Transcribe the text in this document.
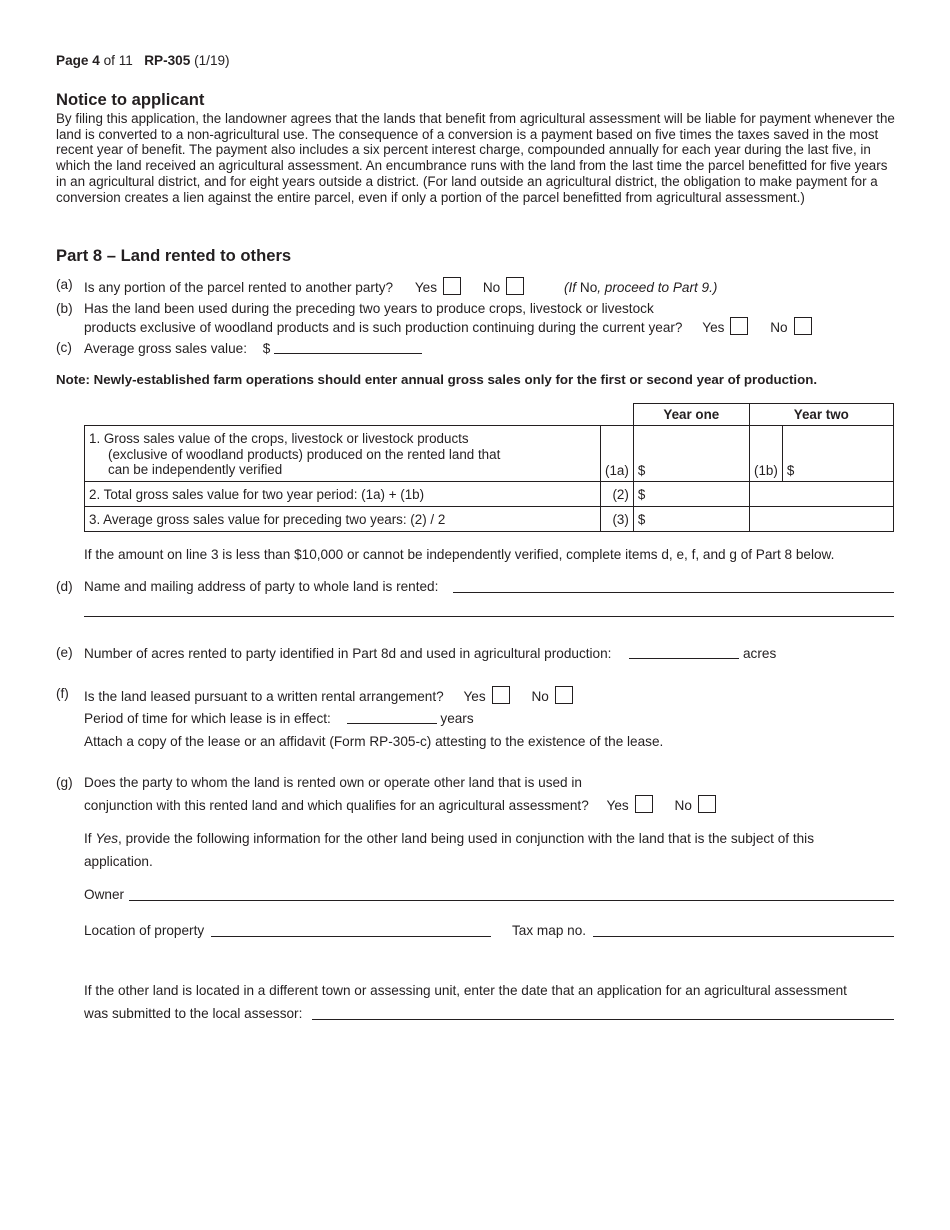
Page 4 of 11 RP-305 (1/19)
Notice to applicant
By filing this application, the landowner agrees that the lands that benefit from agricultural assessment will be liable for payment whenever the land is converted to a non-agricultural use. The consequence of a conversion is a payment based on five times the taxes saved in the most recent year of benefit. The payment also includes a six percent interest charge, compounded annually for each year during the last five, in which the land received an agricultural assessment. An encumbrance runs with the land from the last time the parcel benefitted for five years in an agricultural district, and for eight years outside a district. (For land outside an agricultural district, the obligation to make payment for a conversion creates a lien against the entire parcel, even if only a portion of the parcel benefitted from agricultural assessment.)
Part 8 – Land rented to others
(a) Is any portion of the parcel rented to another party? Yes	No	(If No, proceed to Part 9.)
(b) Has the land been used during the preceding two years to produce crops, livestock or livestock
products exclusive of woodland products and is such production continuing during the current year? Yes	No
(c) Average gross sales value: $
Note: Newly-established farm operations should enter annual gross sales only for the first or second year of production.
		Year one	Year two	

1. Gross sales value of the crops, livestock or livestock products
(exclusive of woodland products) produced on the rented land that
can be independently verified	(1a)	$	(1b)	$
2. Total gross sales value for two year period: (1a) + (1b)	(2)	$		
3. Average gross sales value for preceding two years: (2) / 2	(3)	$		
If the amount on line 3 is less than $10,000 or cannot be independently verified, complete items d, e, f, and g of Part 8 below.
(d) Name and mailing address of party to whole land is rented:
(e) Number of acres rented to party identified in Part 8d and used in agricultural production:	acres
(f) Is the land leased pursuant to a written rental arrangement? Yes	No
Period of time for which lease is in effect:	years
Attach a copy of the lease or an affidavit (Form RP-305-c) attesting to the existence of the lease.
(g) Does the party to whom the land is rented own or operate other land that is used in
conjunction with this rented land and which qualifies for an agricultural assessment? Yes	No
If Yes, provide the following information for the other land being used in conjunction with the land that is the subject of this
application.
Owner
Location of property	Tax map no.
If the other land is located in a different town or assessing unit, enter the date that an application for an agricultural assessment
was submitted to the local assessor:
